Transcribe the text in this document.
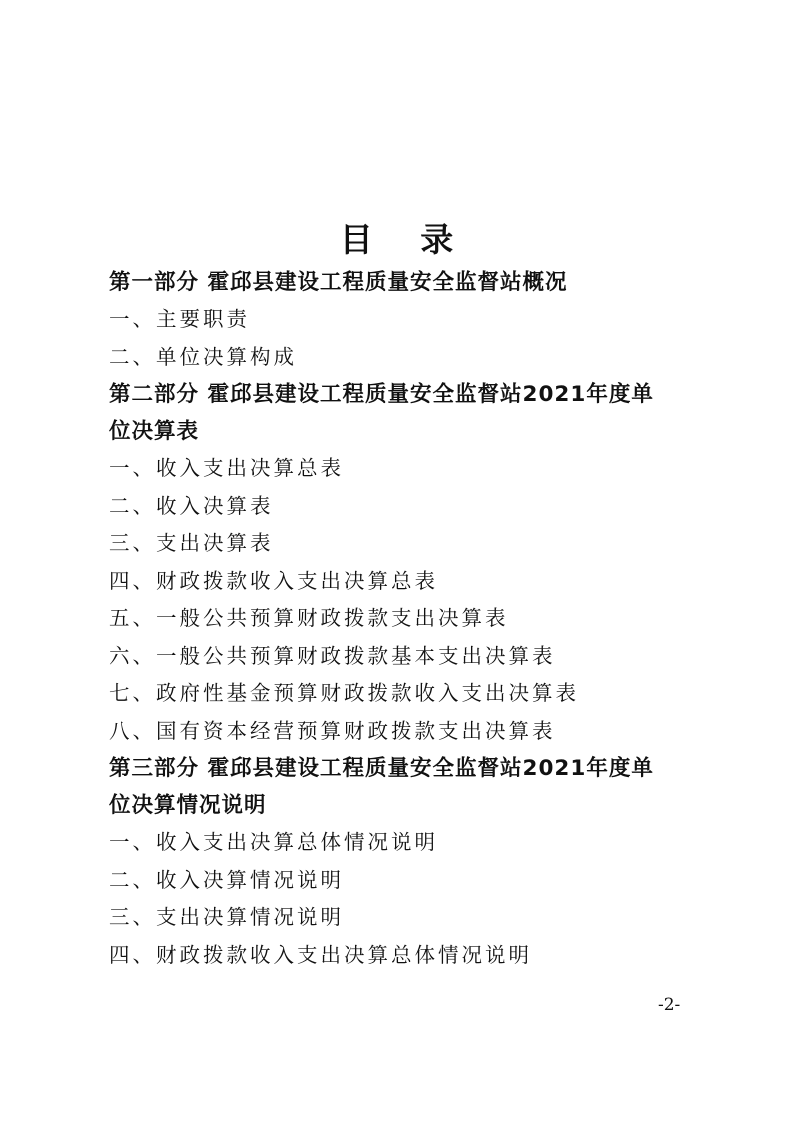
目 录
第一部分 霍邱县建设工程质量安全监督站概况
一、主要职责
二、单位决算构成
第二部分 霍邱县建设工程质量安全监督站2021年度单
位决算表
一、收入支出决算总表
二、收入决算表
三、支出决算表
四、财政拨款收入支出决算总表
五、一般公共预算财政拨款支出决算表
六、一般公共预算财政拨款基本支出决算表
七、政府性基金预算财政拨款收入支出决算表
八、国有资本经营预算财政拨款支出决算表
第三部分 霍邱县建设工程质量安全监督站2021年度单
位决算情况说明
一、收入支出决算总体情况说明
二、收入决算情况说明
三、支出决算情况说明
四、财政拨款收入支出决算总体情况说明
-2-
